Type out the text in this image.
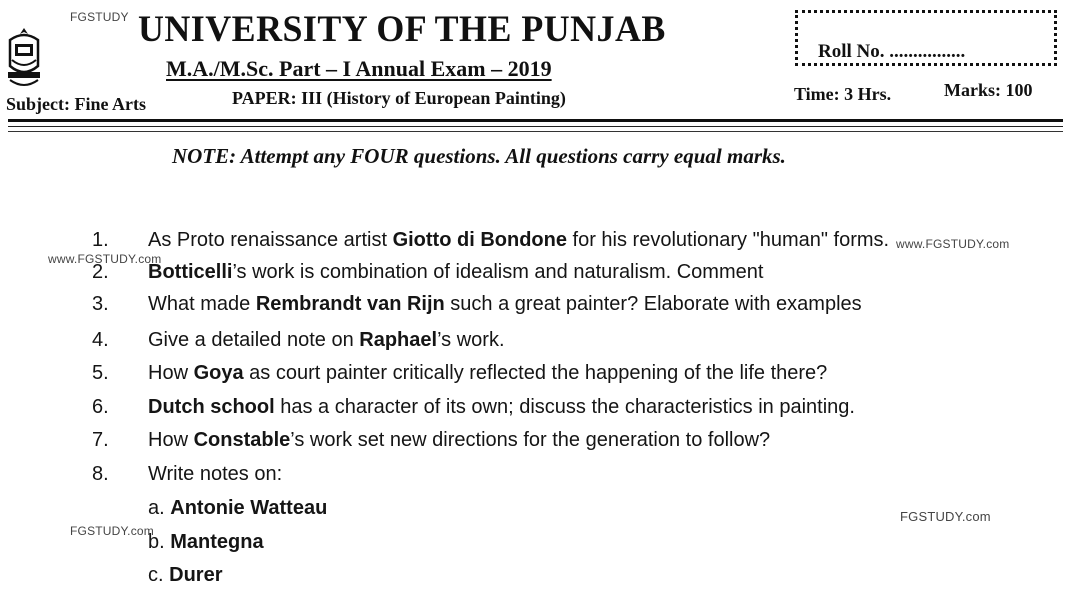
FGSTUDY
www.FGSTUDY.com
www.FGSTUDY.com
FGSTUDY.com
FGSTUDY.com
UNIVERSITY OF THE PUNJAB
M.A./M.Sc. Part – I Annual Exam – 2019
Subject: Fine Arts	PAPER: III (History of European Painting)	Time: 3 Hrs.	Marks: 100
Roll No. ................
NOTE: Attempt any FOUR questions. All questions carry equal marks.
1. As Proto renaissance artist Giotto di Bondone for his revolutionary "human" forms.
2. Botticelli’s work is combination of idealism and naturalism. Comment
3. What made Rembrandt van Rijn such a great painter? Elaborate with examples
4. Give a detailed note on Raphael’s work.
5. How Goya as court painter critically reflected the happening of the life there?
6. Dutch school has a character of its own; discuss the characteristics in painting.
7. How Constable’s work set new directions for the generation to follow?
8. Write notes on:
a. Antonie Watteau
b. Mantegna
c. Durer
